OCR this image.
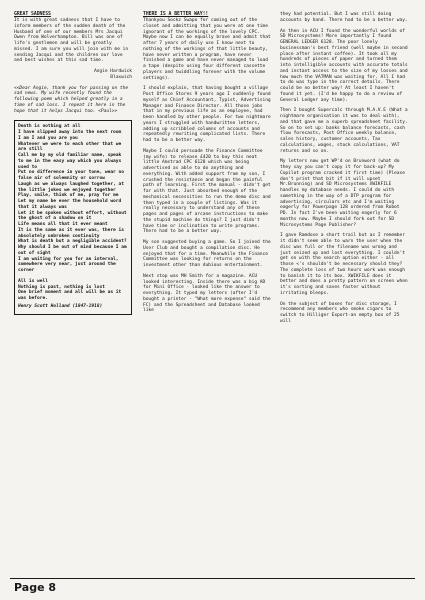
GREAT SADNESS

It is with great sadness that I have to inform members of the sudden death of the Husband of one of our members Mrs Jacqui Owen from Wolverhampton. Bill was one of life's gentlemen and will be greatly missed. I am sure you will join with me in sending Jacqui and the children our love and best wishes at this sad time.

Angie Hardwick

Blaxwich

<<Dear Angie, thank you for passing on the sad news. My wife recently found the following poem which helped greatly in a time of sad loss. I repeat it here in the hope that it helps Jacqui too. <Paul>>

Death is nothing at all

I have slipped away into the next room

I am I and you are you

Whatever we were to each other that we are still

Call me by my old familiar name, speak to me in the easy way which you always used to

Put no difference in your tone, wear no false air of solemnity or sorrow

Laugh as we always laughed together, at the little jokes we enjoyed together

Play, smile, think of me, pray for me

Let my name be ever the household word that it always was

Let it be spoken without effort, without the ghost of a shadow on it

Life means all that it ever meant

It is the same as it ever was, there is absolutely unbroken continuity

What is death but a negligible accident?

Why should I be out of mind because I am out of sight

I am waiting for you for an interval, somewhere very near, just around the corner

All is well

Nothing is past, nothing is lost

One brief moment and all will be as it was before.

Henry Scott Holland (1847-1918)

THERE IS A BETTER WAY!!

Thankyou Sockz Swapo for coming out of the closet and admitting that you were at one time ignorant of the workings of the lovely CPC. Maybe now I can be equally brave and admit that after 7 years of daily use I know next to nothing of the workings of that little beauty, have never written a program, have never finished a game and have never managed to load a tape (despite using four different cassette players and twiddling forever with the volume settings).

I should explain, that having bought a village Post Office Stores 9 years ago I suddenly found myself as Chief Accountant, Typist, Advertising Manager and Finance Director. All those jobs that in my previous life as an employee, had been handled by other people. For two nightmare years I struggled with handwritten letters, adding up scribbled columns of accounts and repeatedly rewriting complicated lists. There had to be a better way.

Maybe I could persuade the Finance Committee (my wife) to release £420 to buy this neat little Amstrad CPC 6128 which was being advertised as able to do anything and everything. With added support from my son, I crushed the resistance and began the painful path of learning. First the manual - didn't get far with that. Just absorbed enough of the mechanical necessities to run the demo disc and then typed in a couple of listings. Was it really necessary to understand any of these pages and pages of arcane instructions to make the stupid machine do things? I just didn't have time or inclination to write programs. There had to be a better way.

My son suggested buying a game. So I joined the User Club and bought a compilation disc. He enjoyed that for a time. Meanwhile the Finance Committee was looking for returns on the investment other than dubious entertainment.

Next stop was MH Smith for a magazine. ACU looked interesting. Inside there was a big AD for Mini Office - looked like the answer to everything. It typed my letters (after I'd bought a printer - "What more expense" said the FC) and the Spreadsheet and Database looked like

they had potential. But I was still doing accounts by hand. There had to be a better way.

An then in ACU I found the wonderful worlds of SD Microsystems! More importantly I found GENERAL LEDGER 6128. The poor lonely businessman's best friend (well maybe in second place after instant coffee). It took all my hundreds of pieces of paper and turned them into intelligible accounts with accurate totals and instant access to the size of my losses and how much the VATMAN was waiting for. All I had to do was type in the correct details. There could be no better way! At least I haven't found it yet. (I'd be happy to do a review of General Ledger any time).

Then I bought Supercalc through M.A.V.E (What a nightmare organisation it was to deal with), and that gave me a superb spreadsheet facility. So on to set up: banks balance forecasts, cash flow forecasts, Post Office weekly balance, sales history, customer accounts, Tax calculations, wages, stock calculations, VAT returns and so on.

My letters now get WP'd on Brunword (what do they say you can't copy it for back-up? My Copilot program cracked it first time) (Please don't print that bit if it will upset Mr.Brunning) and SD Microsystems XWIKFILE handles my database needs. I could do with something in the way of a DTP program for advertising, circulars etc and I'm waiting eagerly for Powerpage 128 ordered from Robot PD. In fact I've been waiting eagerly for 6 months now. Maybe I should fork out for SD Microsystems Page Publisher?

I gave Ramdose a short trail but as I remember it didn't seem able to warn the user when the disc was full or the filename was wrong and just seized up and lost everything. I couldn't get on with the search option either - all those <'s shouldn't be necessary should they? The complete loss of two hours work was enough to banish it to its box. XWIKFILE does it better and does a pretty pattern on screen when it's sorting and saves faster without irritating bleeps.

On the subject of boxes for disc storage, I recommend any members who smoke cigars to switch to Hilliger Export-an empty box of 25 will

Page 8
